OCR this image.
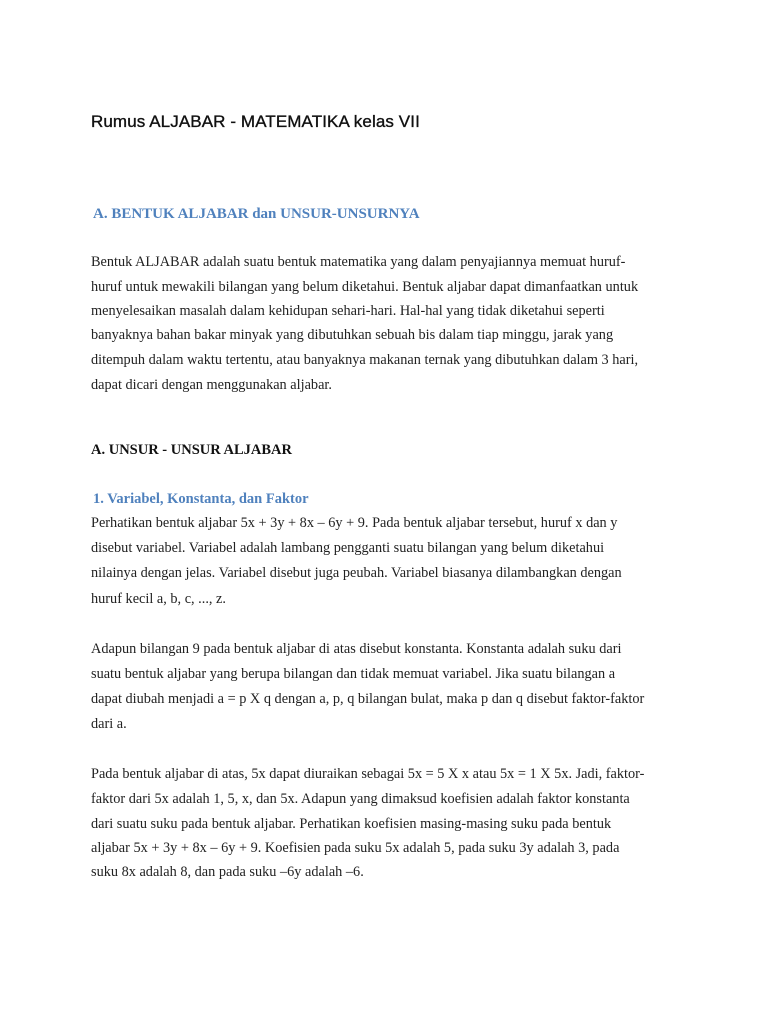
Rumus ALJABAR - MATEMATIKA kelas VII
A. BENTUK ALJABAR dan UNSUR-UNSURNYA
Bentuk ALJABAR adalah suatu bentuk matematika yang dalam penyajiannya memuat huruf-
huruf untuk mewakili bilangan yang belum diketahui. Bentuk aljabar dapat dimanfaatkan untuk
menyelesaikan masalah dalam kehidupan sehari-hari. Hal-hal yang tidak diketahui seperti
banyaknya bahan bakar minyak yang dibutuhkan sebuah bis dalam tiap minggu, jarak yang
ditempuh dalam waktu tertentu, atau banyaknya makanan ternak yang dibutuhkan dalam 3 hari,
dapat dicari dengan menggunakan aljabar.
A. UNSUR - UNSUR ALJABAR
1. Variabel, Konstanta, dan Faktor
Perhatikan bentuk aljabar 5x + 3y + 8x – 6y + 9. Pada bentuk aljabar tersebut, huruf x dan y
disebut variabel. Variabel adalah lambang pengganti suatu bilangan yang belum diketahui
nilainya dengan jelas. Variabel disebut juga peubah. Variabel biasanya dilambangkan dengan
huruf kecil a, b, c, ..., z.
Adapun bilangan 9 pada bentuk aljabar di atas disebut konstanta. Konstanta adalah suku dari
suatu bentuk aljabar yang berupa bilangan dan tidak memuat variabel. Jika suatu bilangan a
dapat diubah menjadi a = p X q dengan a, p, q bilangan bulat, maka p dan q disebut faktor-faktor
dari a.
Pada bentuk aljabar di atas, 5x dapat diuraikan sebagai 5x = 5 X x atau 5x = 1 X 5x. Jadi, faktor-
faktor dari 5x adalah 1, 5, x, dan 5x. Adapun yang dimaksud koefisien adalah faktor konstanta
dari suatu suku pada bentuk aljabar. Perhatikan koefisien masing-masing suku pada bentuk
aljabar 5x + 3y + 8x – 6y + 9. Koefisien pada suku 5x adalah 5, pada suku 3y adalah 3, pada
suku 8x adalah 8, dan pada suku –6y adalah –6.
